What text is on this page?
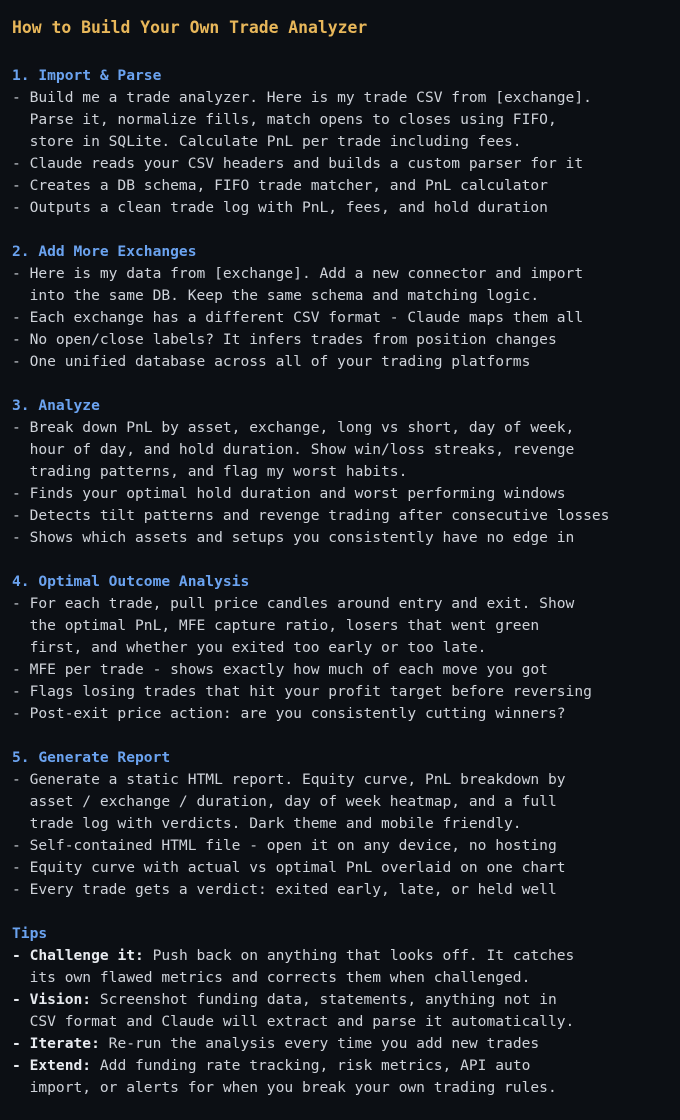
How to Build Your Own Trade Analyzer
1. Import & Parse
- Build me a trade analyzer. Here is my trade CSV from [exchange].
Parse it, normalize fills, match opens to closes using FIFO,
store in SQLite. Calculate PnL per trade including fees.
- Claude reads your CSV headers and builds a custom parser for it
- Creates a DB schema, FIFO trade matcher, and PnL calculator
- Outputs a clean trade log with PnL, fees, and hold duration
2. Add More Exchanges
- Here is my data from [exchange]. Add a new connector and import
into the same DB. Keep the same schema and matching logic.
- Each exchange has a different CSV format - Claude maps them all
- No open/close labels? It infers trades from position changes
- One unified database across all of your trading platforms
3. Analyze
- Break down PnL by asset, exchange, long vs short, day of week,
hour of day, and hold duration. Show win/loss streaks, revenge
trading patterns, and flag my worst habits.
- Finds your optimal hold duration and worst performing windows
- Detects tilt patterns and revenge trading after consecutive losses
- Shows which assets and setups you consistently have no edge in
4. Optimal Outcome Analysis
- For each trade, pull price candles around entry and exit. Show
the optimal PnL, MFE capture ratio, losers that went green
first, and whether you exited too early or too late.
- MFE per trade - shows exactly how much of each move you got
- Flags losing trades that hit your profit target before reversing
- Post-exit price action: are you consistently cutting winners?
5. Generate Report
- Generate a static HTML report. Equity curve, PnL breakdown by
asset / exchange / duration, day of week heatmap, and a full
trade log with verdicts. Dark theme and mobile friendly.
- Self-contained HTML file - open it on any device, no hosting
- Equity curve with actual vs optimal PnL overlaid on one chart
- Every trade gets a verdict: exited early, late, or held well
Tips
- Challenge it: Push back on anything that looks off. It catches
its own flawed metrics and corrects them when challenged.
- Vision: Screenshot funding data, statements, anything not in
CSV format and Claude will extract and parse it automatically.
- Iterate: Re-run the analysis every time you add new trades
- Extend: Add funding rate tracking, risk metrics, API auto
import, or alerts for when you break your own trading rules.
